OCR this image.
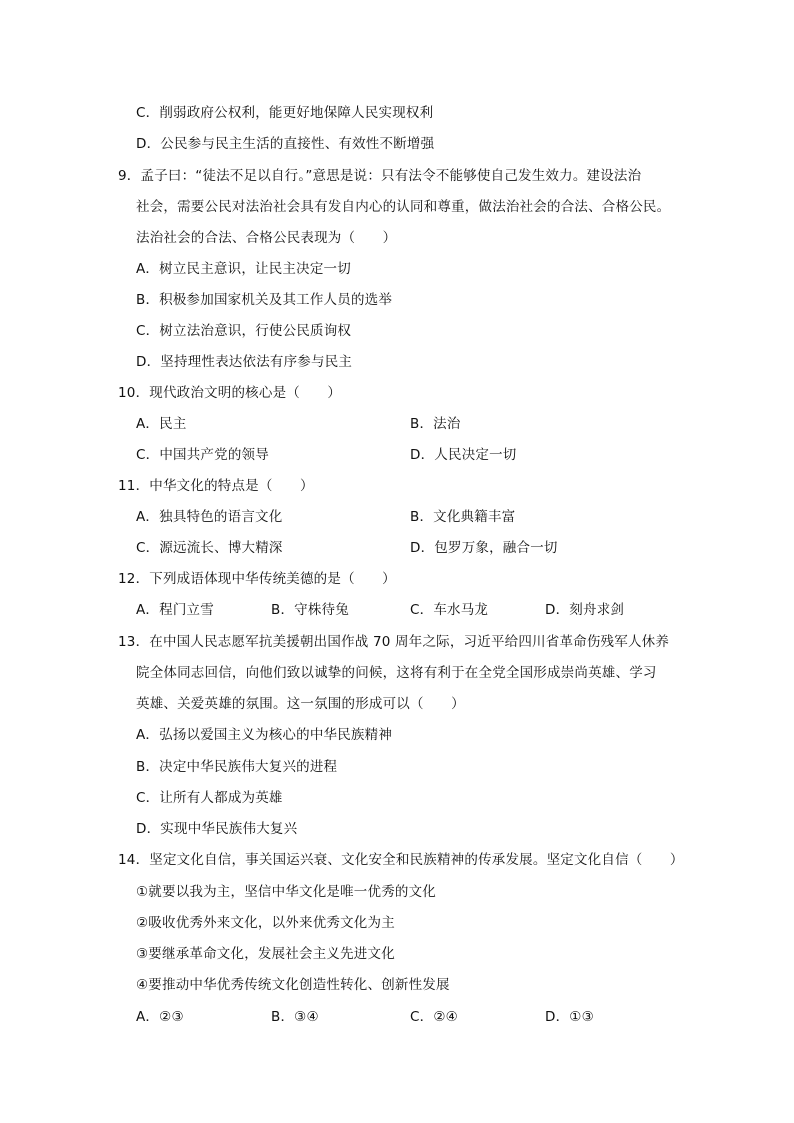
C．削弱政府公权利，能更好地保障人民实现权利
D．公民参与民主生活的直接性、有效性不断增强
9．孟子曰：“徒法不足以自行。”意思是说：只有法令不能够使自己发生效力。建设法治
社会，需要公民对法治社会具有发自内心的认同和尊重，做法治社会的合法、合格公民。
法治社会的合法、合格公民表现为（　　）
A．树立民主意识，让民主决定一切
B．积极参加国家机关及其工作人员的选举
C．树立法治意识，行使公民质询权
D．坚持理性表达依法有序参与民主
10．现代政治文明的核心是（　　）
A．民主	B．法治
C．中国共产党的领导	D．人民决定一切
11．中华文化的特点是（　　）
A．独具特色的语言文化	B．文化典籍丰富
C．源远流长、博大精深	D．包罗万象，融合一切
12．下列成语体现中华传统美德的是（　　）
A．程门立雪	B．守株待兔	C．车水马龙	D．刻舟求剑
13．在中国人民志愿军抗美援朝出国作战 70 周年之际，习近平给四川省革命伤残军人休养
院全体同志回信，向他们致以诚挚的问候，这将有利于在全党全国形成崇尚英雄、学习
英雄、关爱英雄的氛围。这一氛围的形成可以（　　）
A．弘扬以爱国主义为核心的中华民族精神
B．决定中华民族伟大复兴的进程
C．让所有人都成为英雄
D．实现中华民族伟大复兴
14．坚定文化自信，事关国运兴衰、文化安全和民族精神的传承发展。坚定文化自信（　　）
①就要以我为主，坚信中华文化是唯一优秀的文化
②吸收优秀外来文化，以外来优秀文化为主
③要继承革命文化，发展社会主义先进文化
④要推动中华优秀传统文化创造性转化、创新性发展
A．②③	B．③④	C．②④	D．①③
